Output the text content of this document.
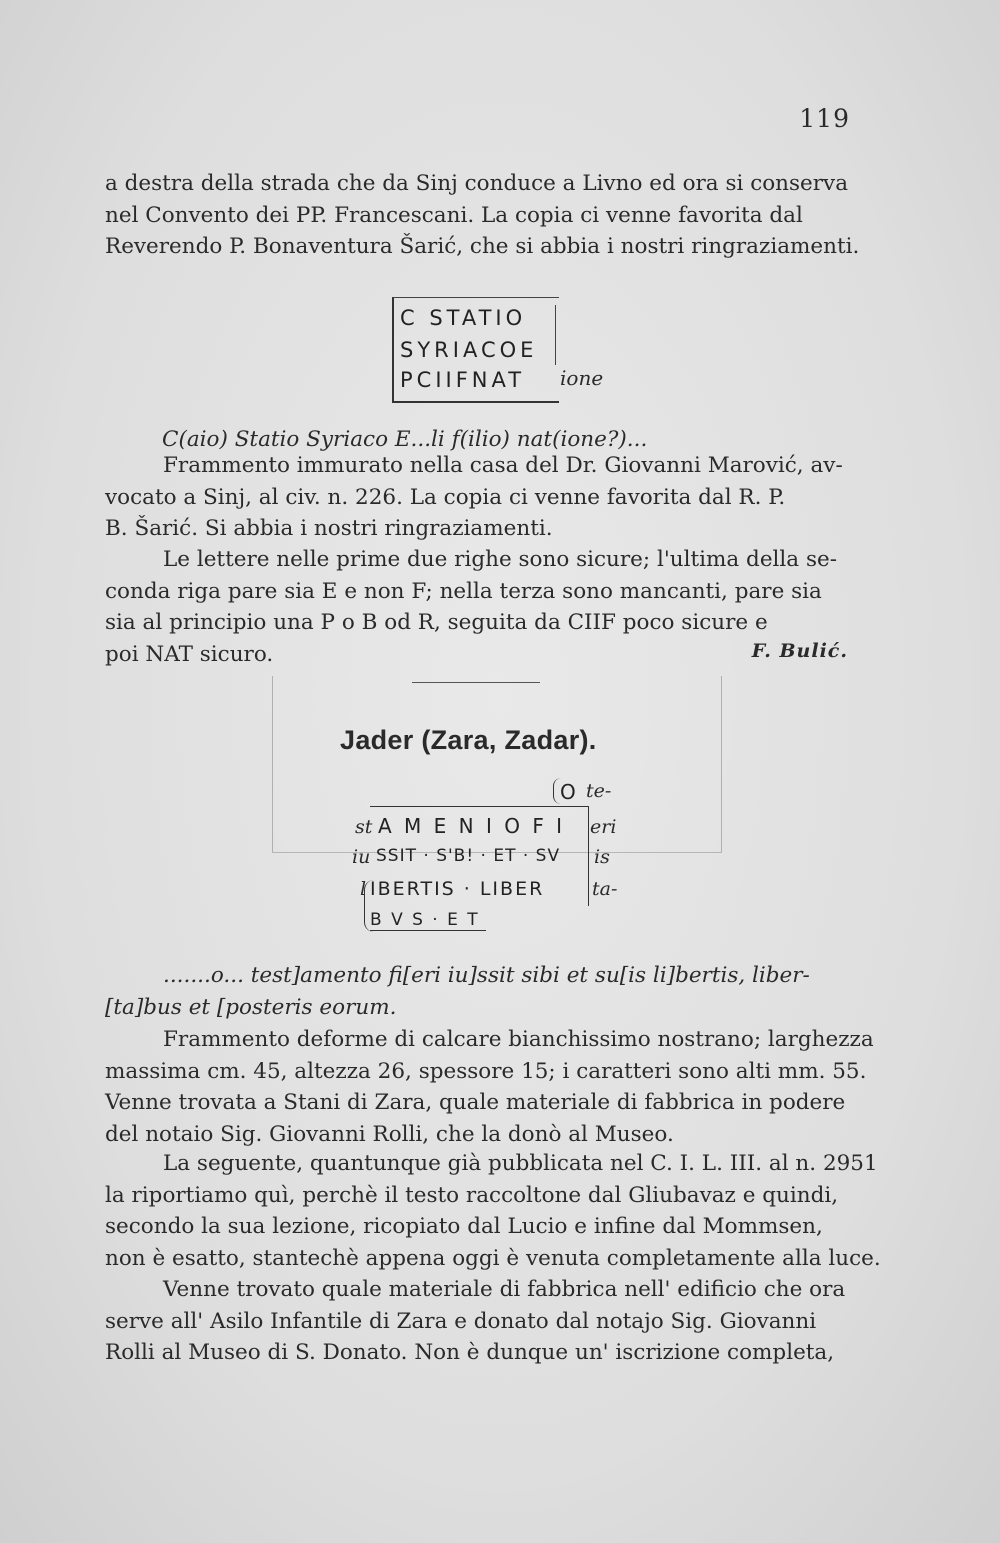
119

a destra della strada che da Sinj conduce a Livno ed ora si conserva
nel Convento dei PP. Francescani. La copia ci venne favorita dal
Reverendo P. Bonaventura Šarić, che si abbia i nostri ringraziamenti.

C STATIO
SYRIACOE
PCIIFNAT ione

C(aio) Statio Syriaco E...li f(ilio) nat(ione?)...

Frammento immurato nella casa del Dr. Giovanni Marović, av-
vocato a Sinj, al civ. n. 226. La copia ci venne favorita dal R. P.
B. Šarić. Si abbia i nostri ringraziamenti.

Le lettere nelle prime due righe sono sicure; l'ultima della se-
conda riga pare sia E e non F; nella terza sono mancanti, pare sia
sia al principio una P o B od R, seguita da CIIF poco sicure e
poi NAT sicuro.	F. Bulić.
Jader (Zara, Zadar).
O te-
st A M E N I O F I eri
iu SSIT · S'B! · ET · SV is
l IBERTIS · LIBER	ta-
B V S · E T

.......o... test]amento fi[eri iu]ssit sibi et su[is li]bertis, liber-
[ta]bus et [posteris eorum.

Frammento deforme di calcare bianchissimo nostrano; larghezza
massima cm. 45, altezza 26, spessore 15; i caratteri sono alti mm. 55.
Venne trovata a Stani di Zara, quale materiale di fabbrica in podere
del notaio Sig. Giovanni Rolli, che la donò al Museo.

La seguente, quantunque già pubblicata nel C. I. L. III. al n. 2951
la riportiamo quì, perchè il testo raccoltone dal Gliubavaz e quindi,
secondo la sua lezione, ricopiato dal Lucio e infine dal Mommsen,
non è esatto, stantechè appena oggi è venuta completamente alla luce.

Venne trovato quale materiale di fabbrica nell' edificio che ora
serve all' Asilo Infantile di Zara e donato dal notajo Sig. Giovanni
Rolli al Museo di S. Donato. Non è dunque un' iscrizione completa,
